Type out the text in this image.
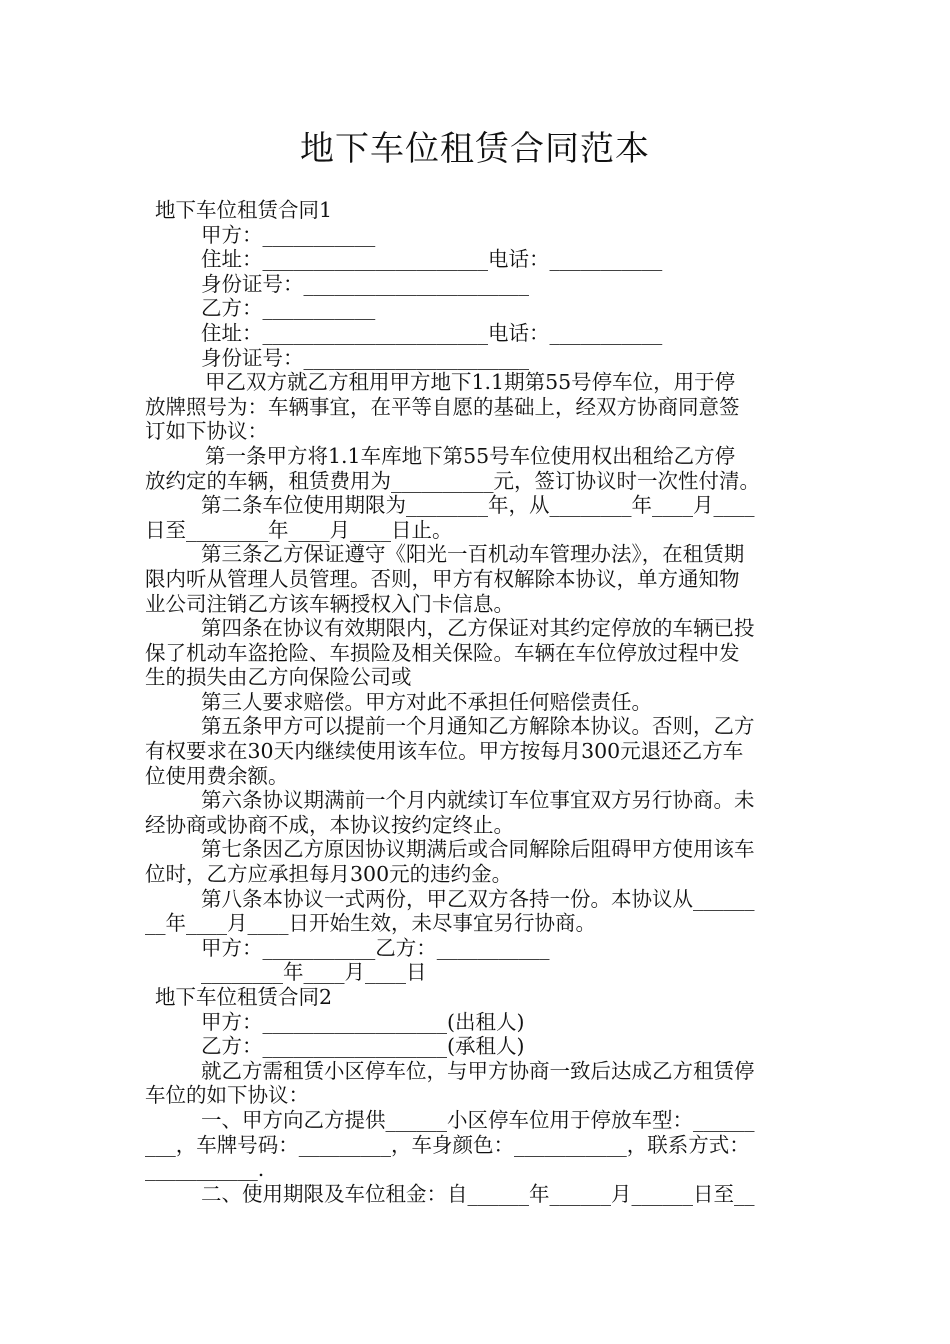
地下车位租赁合同范本
地下车位租赁合同1
甲方：___________
住址：______________________电话：___________
身份证号：______________________
乙方：___________
住址：______________________电话：___________
身份证号：______________________
甲乙双方就乙方租用甲方地下1.1期第55号停车位，用于停
放牌照号为：车辆事宜，在平等自愿的基础上，经双方协商同意签
订如下协议：
第一条甲方将1.1车库地下第55号车位使用权出租给乙方停
放约定的车辆，租赁费用为__________元，签订协议时一次性付清。
第二条车位使用期限为________年，从________年____月____
日至________年____月____日止。
第三条乙方保证遵守《阳光一百机动车管理办法》，在租赁期
限内听从管理人员管理。否则，甲方有权解除本协议，单方通知物
业公司注销乙方该车辆授权入门卡信息。
第四条在协议有效期限内，乙方保证对其约定停放的车辆已投
保了机动车盗抢险、车损险及相关保险。车辆在车位停放过程中发
生的损失由乙方向保险公司或
第三人要求赔偿。甲方对此不承担任何赔偿责任。
第五条甲方可以提前一个月通知乙方解除本协议。否则，乙方
有权要求在30天内继续使用该车位。甲方按每月300元退还乙方车
位使用费余额。
第六条协议期满前一个月内就续订车位事宜双方另行协商。未
经协商或协商不成，本协议按约定终止。
第七条因乙方原因协议期满后或合同解除后阻碍甲方使用该车
位时，乙方应承担每月300元的违约金。
第八条本协议一式两份，甲乙双方各持一份。本协议从______
__年____月____日开始生效，未尽事宜另行协商。
甲方：___________乙方：___________
________年____月____日
地下车位租赁合同2
甲方：__________________(出租人)
乙方：__________________(承租人)
就乙方需租赁小区停车位，与甲方协商一致后达成乙方租赁停
车位的如下协议：
一、甲方向乙方提供______小区停车位用于停放车型：______
___，车牌号码：_________，车身颜色：___________，联系方式：
___________.
二、使用期限及车位租金：自______年______月______日至__
